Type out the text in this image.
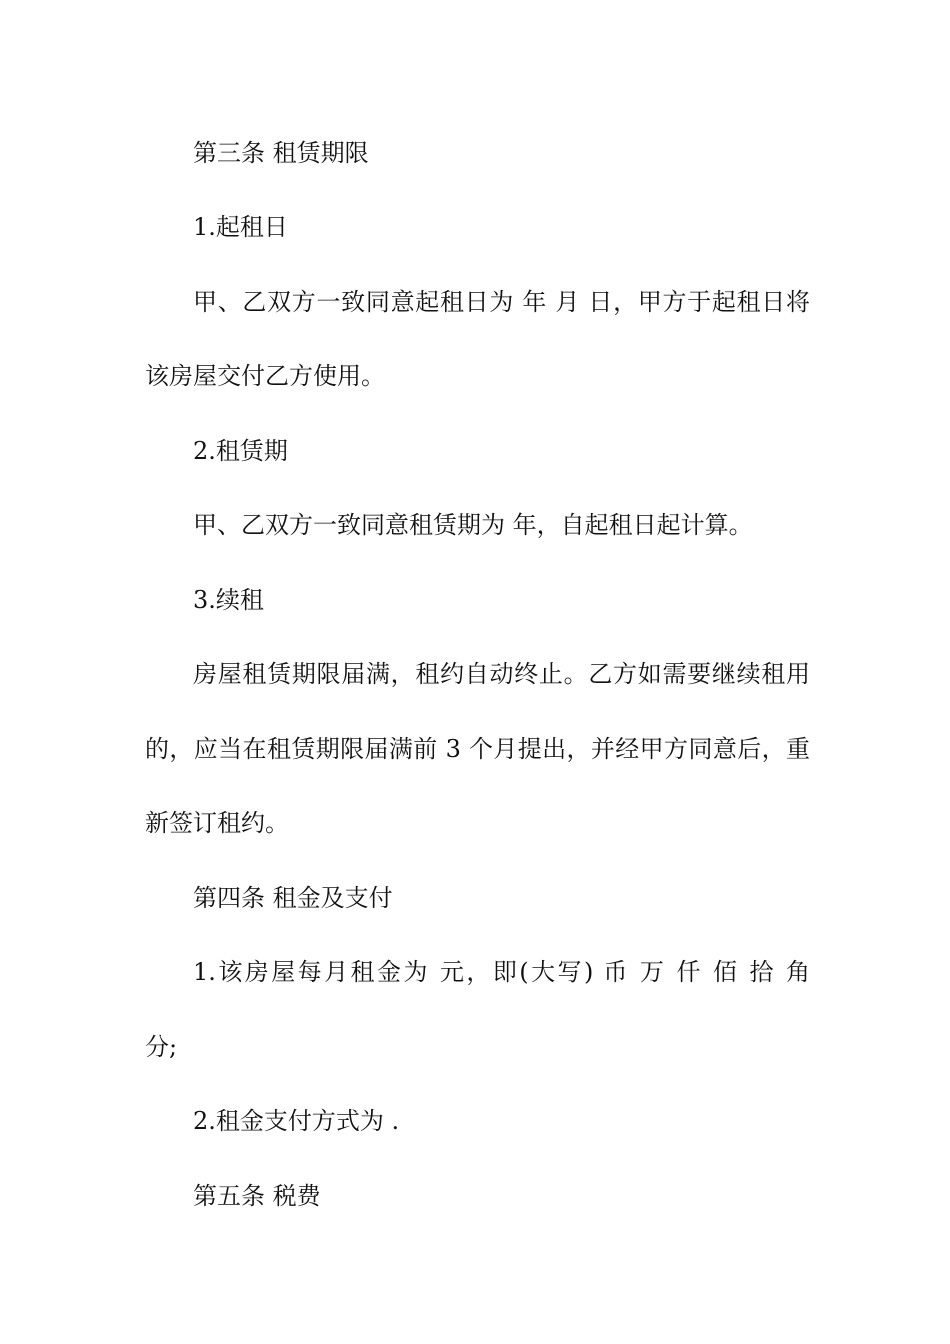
第三条 租赁期限
1.起租日
甲、乙双方一致同意起租日为 年 月 日，甲方于起租日将
该房屋交付乙方使用。
2.租赁期
甲、乙双方一致同意租赁期为 年，自起租日起计算。
3.续租
房屋租赁期限届满，租约自动终止。乙方如需要继续租用
的，应当在租赁期限届满前 3 个月提出，并经甲方同意后，重
新签订租约。
第四条 租金及支付
1.该房屋每月租金为 元，即(大写) 币 万 仟 佰 拾 角
分;
2.租金支付方式为 .
第五条 税费
